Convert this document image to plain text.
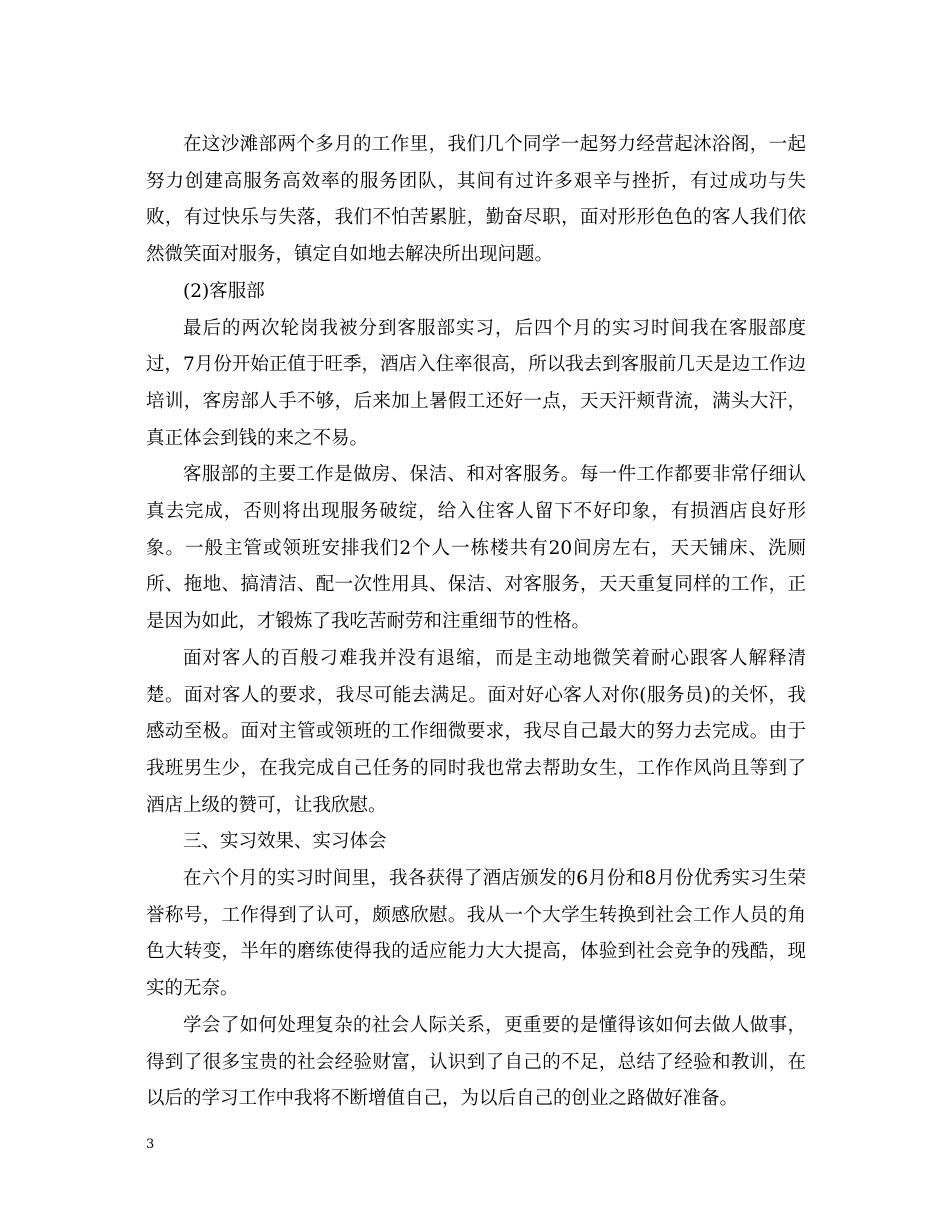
在这沙滩部两个多月的工作里，我们几个同学一起努力经营起沐浴阁，一起努力创建高服务高效率的服务团队，其间有过许多艰辛与挫折，有过成功与失败，有过快乐与失落，我们不怕苦累脏，勤奋尽职，面对形形色色的客人我们依然微笑面对服务，镇定自如地去解决所出现问题。

(2)客服部

最后的两次轮岗我被分到客服部实习，后四个月的实习时间我在客服部度过，7月份开始正值于旺季，酒店入住率很高，所以我去到客服前几天是边工作边培训，客房部人手不够，后来加上暑假工还好一点，天天汗颊背流，满头大汗，真正体会到钱的来之不易。

客服部的主要工作是做房、保洁、和对客服务。每一件工作都要非常仔细认真去完成，否则将出现服务破绽，给入住客人留下不好印象，有损酒店良好形象。一般主管或领班安排我们2个人一栋楼共有20间房左右，天天铺床、洗厕所、拖地、搞清洁、配一次性用具、保洁、对客服务，天天重复同样的工作，正是因为如此，才锻炼了我吃苦耐劳和注重细节的性格。

面对客人的百般刁难我并没有退缩，而是主动地微笑着耐心跟客人解释清楚。面对客人的要求，我尽可能去满足。面对好心客人对你(服务员)的关怀，我感动至极。面对主管或领班的工作细微要求，我尽自己最大的努力去完成。由于我班男生少，在我完成自己任务的同时我也常去帮助女生，工作作风尚且等到了酒店上级的赞可，让我欣慰。

三、实习效果、实习体会

在六个月的实习时间里，我各获得了酒店颁发的6月份和8月份优秀实习生荣誉称号，工作得到了认可，颇感欣慰。我从一个大学生转换到社会工作人员的角色大转变，半年的磨练使得我的适应能力大大提高，体验到社会竞争的残酷，现实的无奈。

学会了如何处理复杂的社会人际关系，更重要的是懂得该如何去做人做事，得到了很多宝贵的社会经验财富，认识到了自己的不足，总结了经验和教训，在以后的学习工作中我将不断增值自己，为以后自己的创业之路做好准备。

3
